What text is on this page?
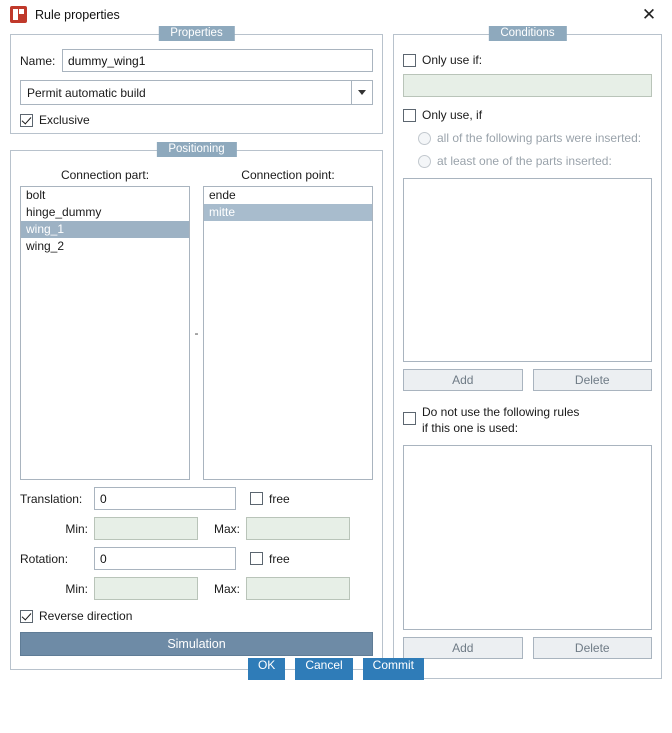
Rule properties	✕
Properties
Name:
dummy_wing1
Permit automatic build
Exclusive
Positioning
Connection part:	Connection point:
bolt
hinge_dummy
wing_1
wing_2
-
ende
mitte
Translation:
0	free
Min:	Max:
Rotation:
0	free
Min:	Max:
Reverse direction
Simulation
Conditions
Only use if:
Only use, if
all of the following parts were inserted:
at least one of the parts inserted:
Add	Delete
Do not use the following rules
if this one is used:
Add	Delete
OK	Cancel	Commit
